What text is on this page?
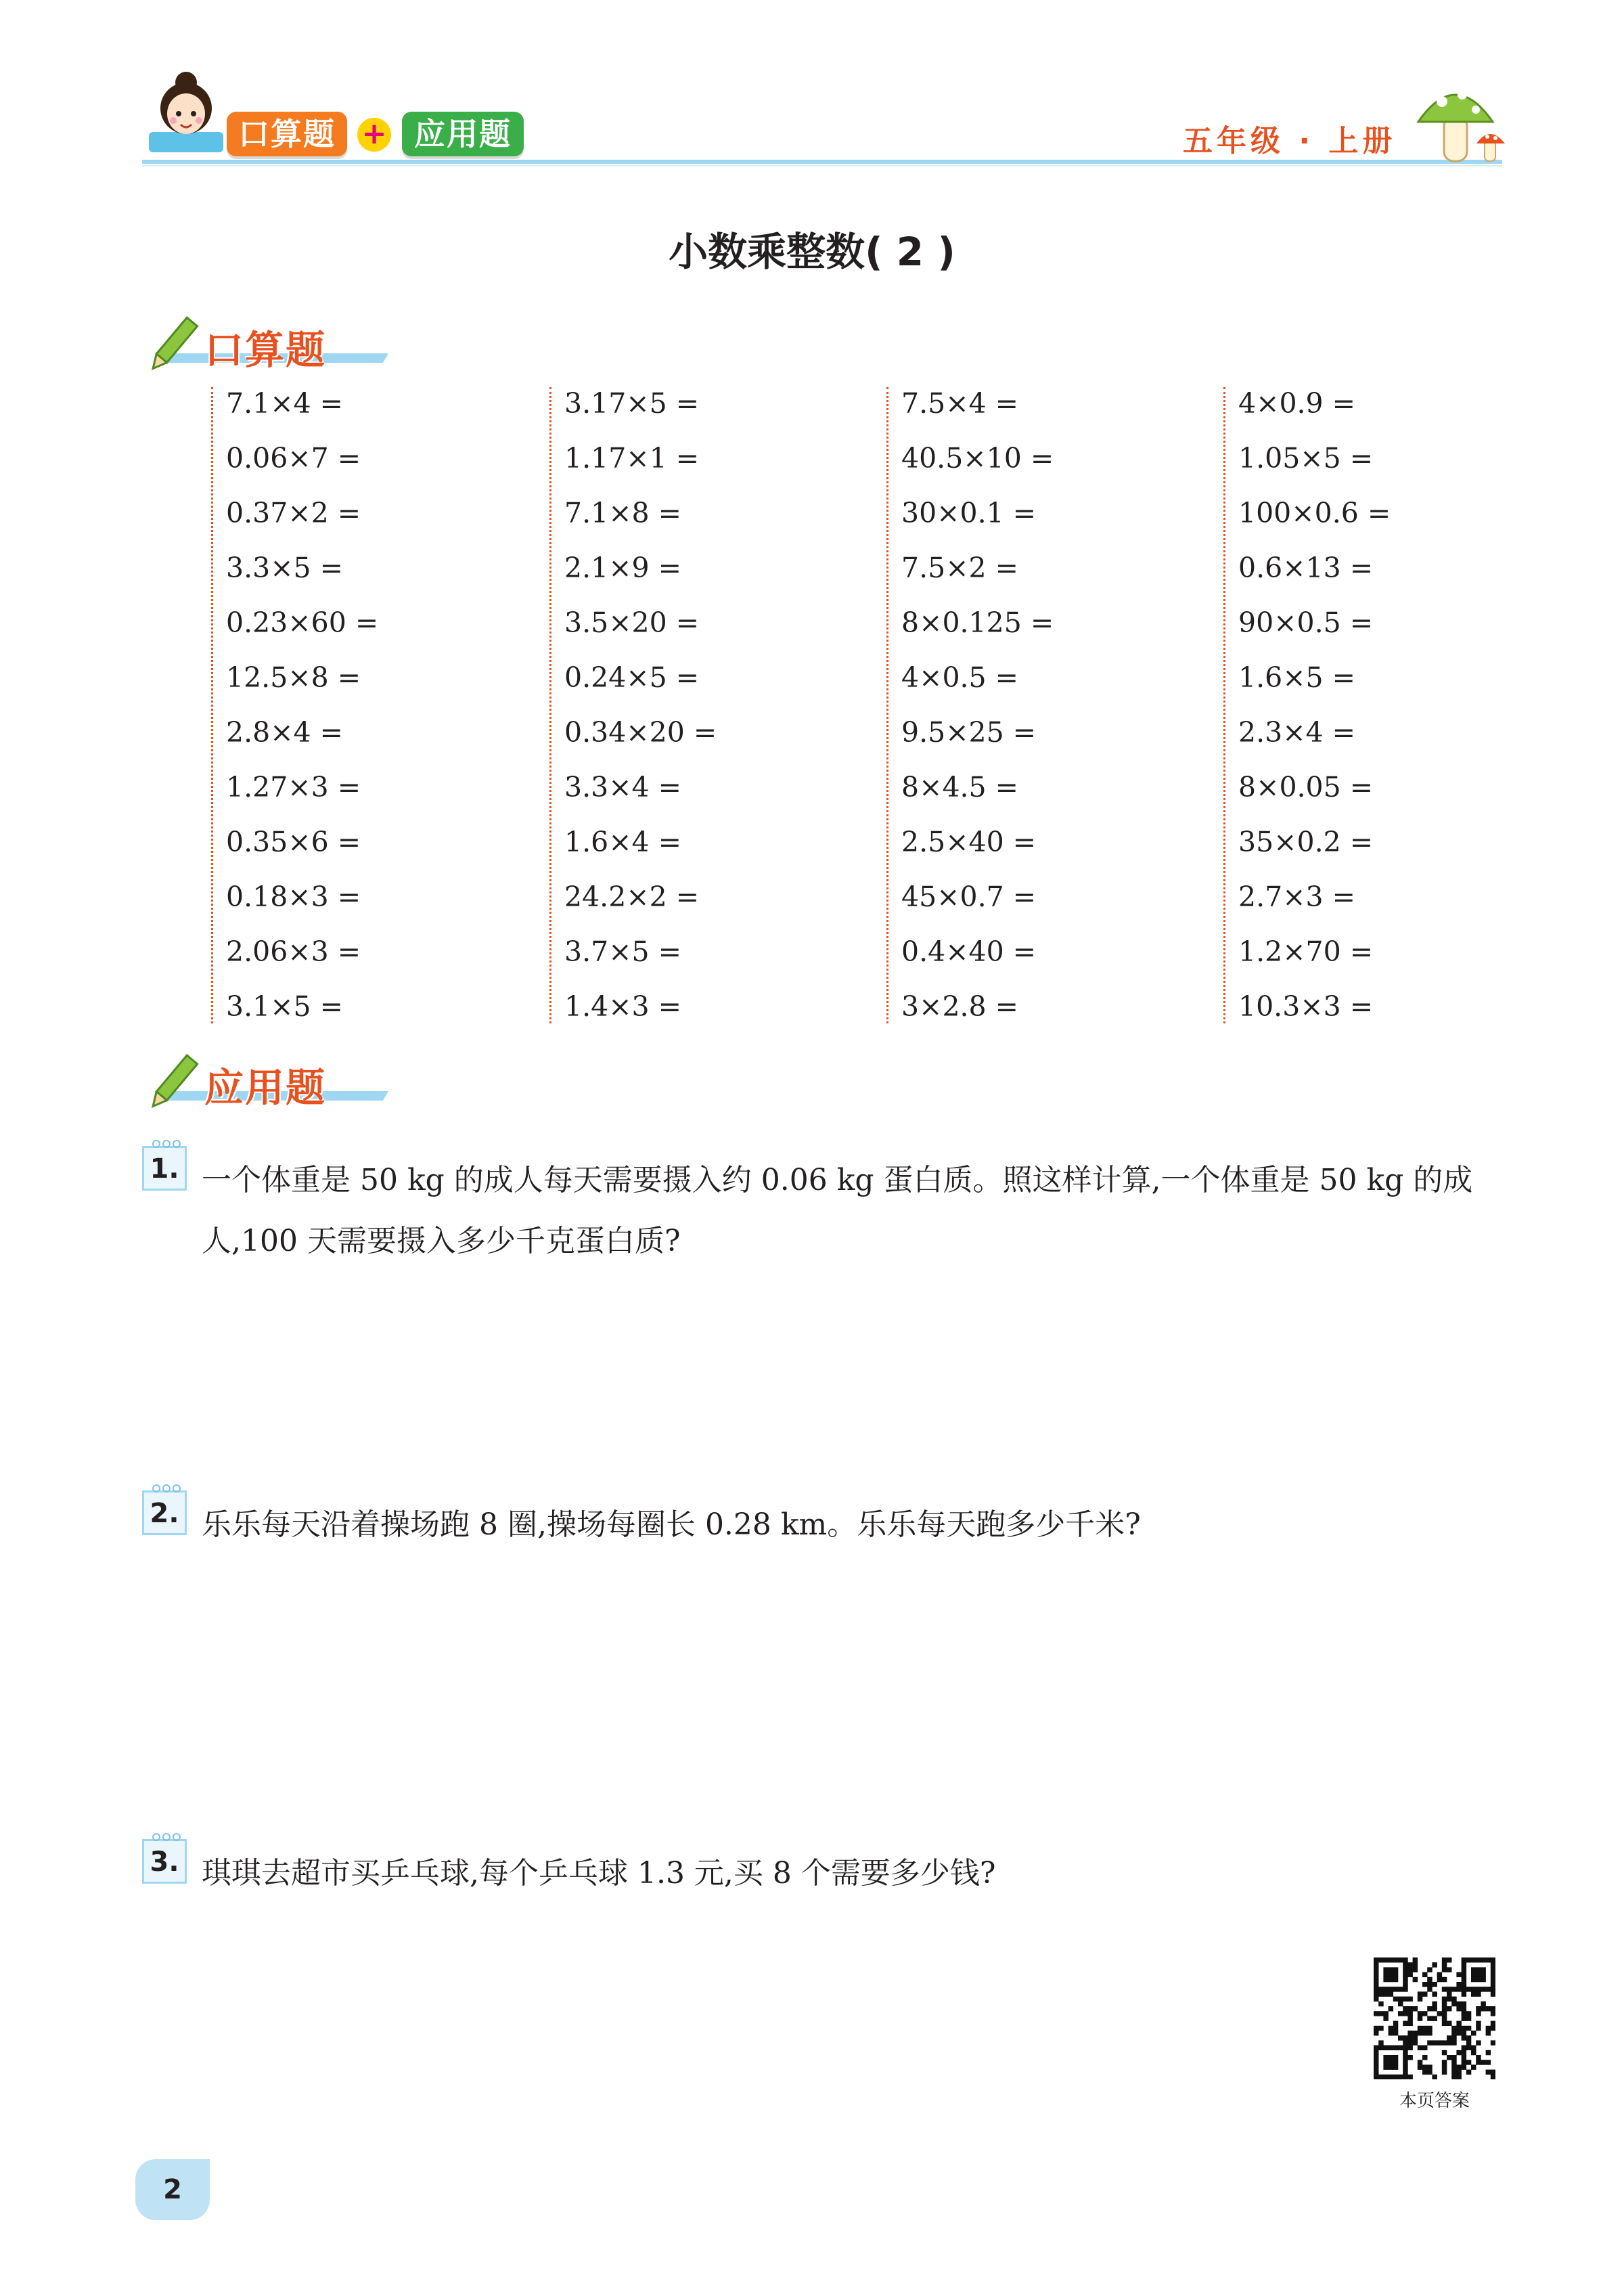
口算题 + 应用题	五年级 · 上册
小数乘整数( 2 )
口算题
7.1×4 =
0.06×7 =
0.37×2 =
3.3×5 =
0.23×60 =
12.5×8 =
2.8×4 =
1.27×3 =
0.35×6 =
0.18×3 =
2.06×3 =
3.1×5 =
3.17×5 =
1.17×1 =
7.1×8 =
2.1×9 =
3.5×20 =
0.24×5 =
0.34×20 =
3.3×4 =
1.6×4 =
24.2×2 =
3.7×5 =
1.4×3 =
7.5×4 =
40.5×10 =
30×0.1 =
7.5×2 =
8×0.125 =
4×0.5 =
9.5×25 =
8×4.5 =
2.5×40 =
45×0.7 =
0.4×40 =
3×2.8 =
4×0.9 =
1.05×5 =
100×0.6 =
0.6×13 =
90×0.5 =
1.6×5 =
2.3×4 =
8×0.05 =
35×0.2 =
2.7×3 =
1.2×70 =
10.3×3 =
应用题
1. 一个体重是 50 kg 的成人每天需要摄入约 0.06 kg 蛋白质。照这样计算,一个体重是 50 kg 的成人,100 天需要摄入多少千克蛋白质?
2. 乐乐每天沿着操场跑 8 圈,操场每圈长 0.28 km。乐乐每天跑多少千米?
3. 琪琪去超市买乒乓球,每个乒乓球 1.3 元,买 8 个需要多少钱?
本页答案
2
